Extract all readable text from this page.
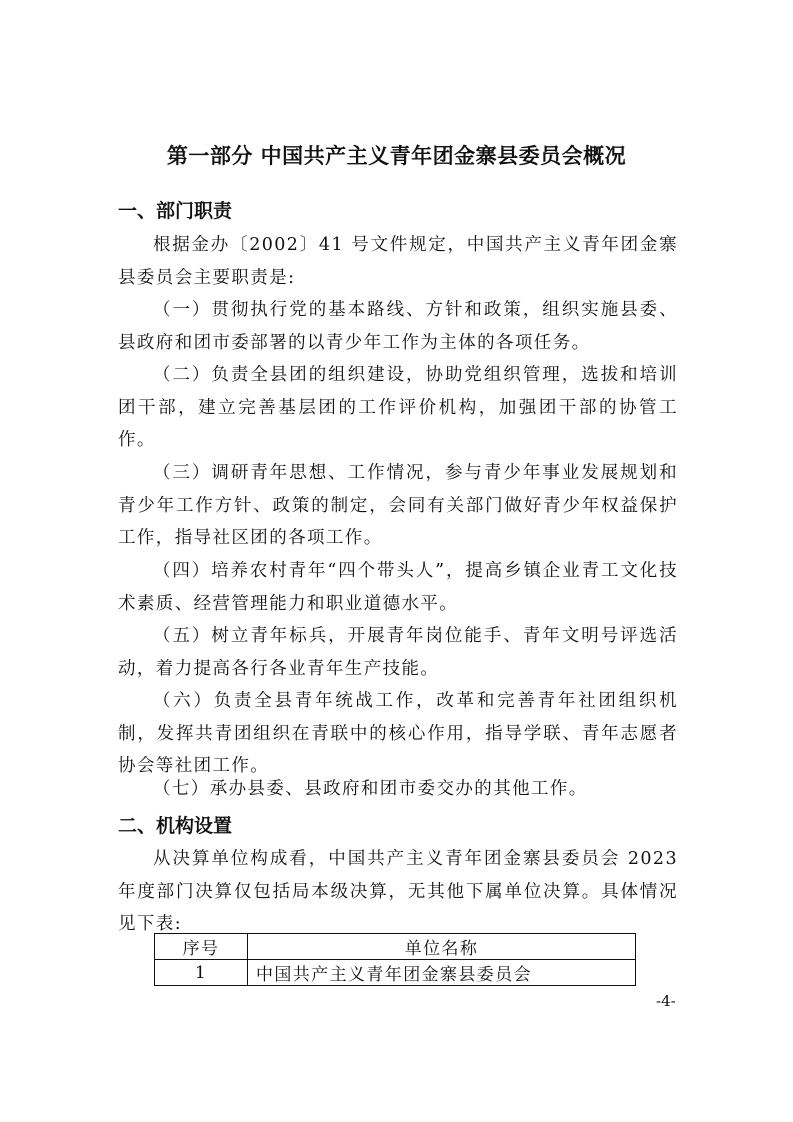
第一部分 中国共产主义青年团金寨县委员会概况
一、部门职责
根据金办〔2002〕41 号文件规定，中国共产主义青年团金寨县委员会主要职责是:
（一）贯彻执行党的基本路线、方针和政策，组织实施县委、县政府和团市委部署的以青少年工作为主体的各项任务。
（二）负责全县团的组织建设，协助党组织管理，选拔和培训团干部，建立完善基层团的工作评价机构，加强团干部的协管工作。
（三）调研青年思想、工作情况，参与青少年事业发展规划和青少年工作方针、政策的制定，会同有关部门做好青少年权益保护工作，指导社区团的各项工作。
（四）培养农村青年“四个带头人”，提高乡镇企业青工文化技术素质、经营管理能力和职业道德水平。
（五）树立青年标兵，开展青年岗位能手、青年文明号评选活动，着力提高各行各业青年生产技能。
（六）负责全县青年统战工作，改革和完善青年社团组织机制，发挥共青团组织在青联中的核心作用，指导学联、青年志愿者协会等社团工作。
（七）承办县委、县政府和团市委交办的其他工作。
二、机构设置
从决算单位构成看，中国共产主义青年团金寨县委员会 2023 年度部门决算仅包括局本级决算，无其他下属单位决算。具体情况见下表:
序号	单位名称
1	中国共产主义青年团金寨县委员会
-4-
